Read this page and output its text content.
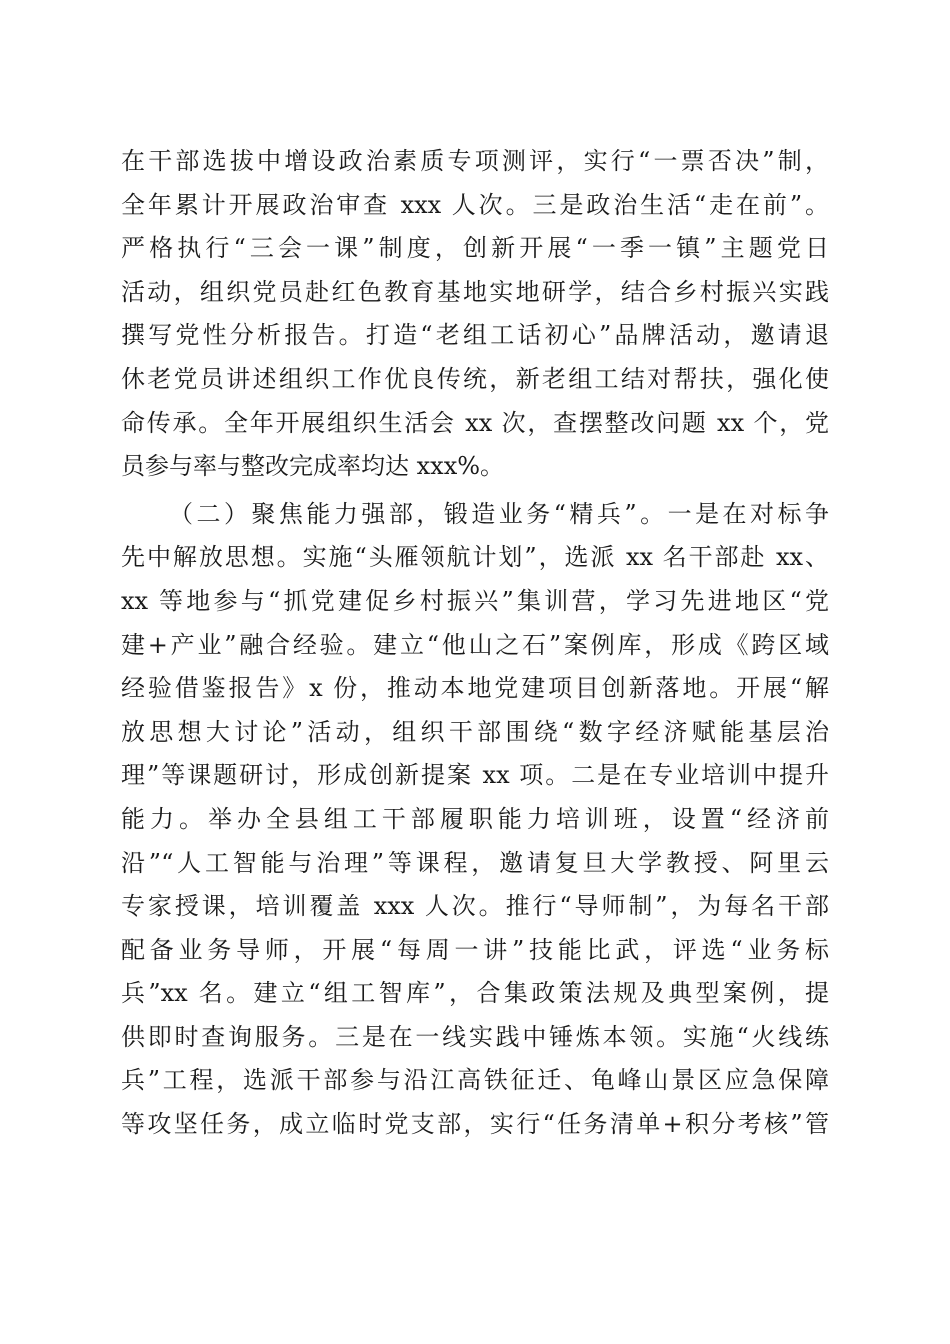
在干部选拔中增设政治素质专项测评，实行“一票否决”制，
全年累计开展政治审查 xxx 人次。三是政治生活“走在前”。
严格执行“三会一课”制度，创新开展“一季一镇”主题党日
活动，组织党员赴红色教育基地实地研学，结合乡村振兴实践
撰写党性分析报告。打造“老组工话初心”品牌活动，邀请退
休老党员讲述组织工作优良传统，新老组工结对帮扶，强化使
命传承。全年开展组织生活会 xx 次，查摆整改问题 xx 个，党
员参与率与整改完成率均达 xxx%。
（二）聚焦能力强部，锻造业务“精兵”。一是在对标争
先中解放思想。实施“头雁领航计划”，选派 xx 名干部赴 xx、
xx 等地参与“抓党建促乡村振兴”集训营，学习先进地区“党
建+产业”融合经验。建立“他山之石”案例库，形成《跨区域
经验借鉴报告》x 份，推动本地党建项目创新落地。开展“解
放思想大讨论”活动，组织干部围绕“数字经济赋能基层治
理”等课题研讨，形成创新提案 xx 项。二是在专业培训中提升
能力。举办全县组工干部履职能力培训班，设置“经济前
沿”“人工智能与治理”等课程，邀请复旦大学教授、阿里云
专家授课，培训覆盖 xxx 人次。推行“导师制”，为每名干部
配备业务导师，开展“每周一讲”技能比武，评选“业务标
兵”xx 名。建立“组工智库”，合集政策法规及典型案例，提
供即时查询服务。三是在一线实践中锤炼本领。实施“火线练
兵”工程，选派干部参与沿江高铁征迁、龟峰山景区应急保障
等攻坚任务，成立临时党支部，实行“任务清单+积分考核”管
